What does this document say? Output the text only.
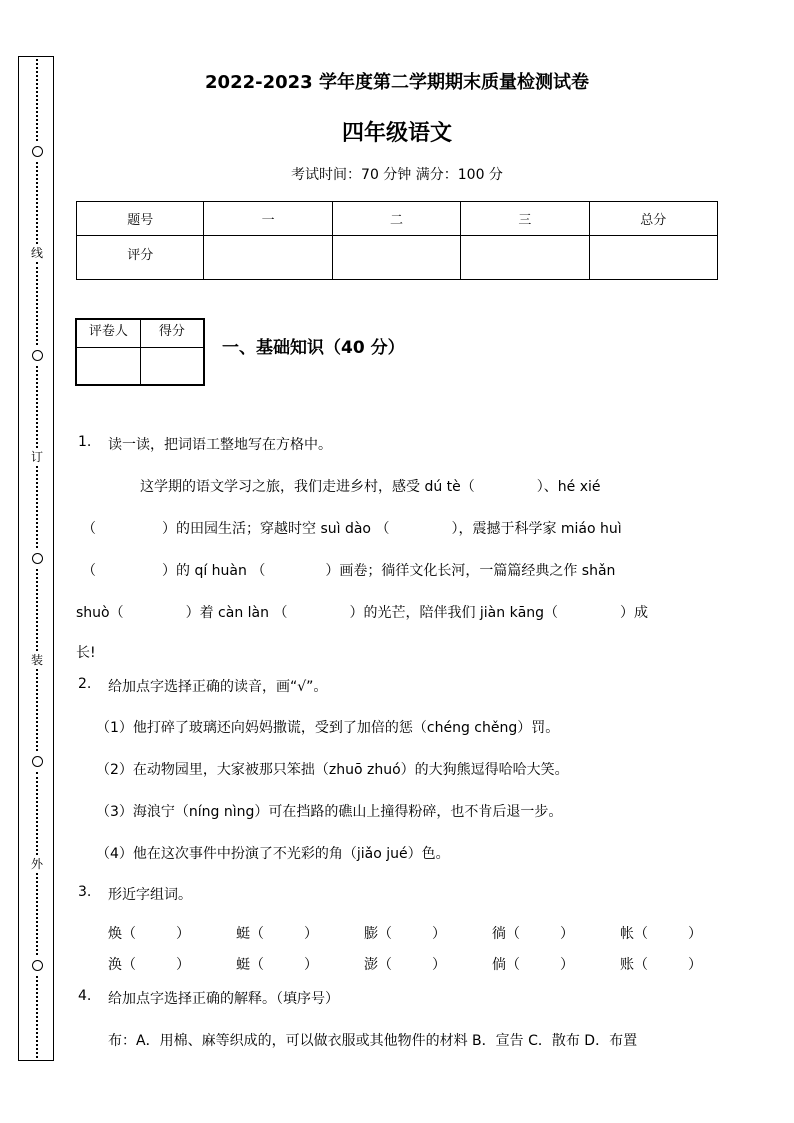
线
订
装
外
2022-2023 学年度第二学期期末质量检测试卷
四年级语文
考试时间：70 分钟 满分：100 分
题号	一	二	三	总分
评分				
评卷人	得分

一、基础知识（40 分）
1. 读一读，把词语工整地写在方格中。
这学期的语文学习之旅，我们走进乡村，感受 dú tè（	）、hé xié
（	）的田园生活；穿越时空 suì dào （	），震撼于科学家 miáo huì
（	）的 qí huàn （	）画卷；徜徉文化长河，一篇篇经典之作 shǎn
shuò（	）着 càn làn （	）的光芒，陪伴我们 jiàn kāng（	）成
长!
2. 给加点字选择正确的读音，画“√”。
（1）他打碎了玻璃还向妈妈撒谎，受到了加倍的惩（chéng chěng）罚。
（2）在动物园里，大家被那只笨拙（zhuō zhuó）的大狗熊逗得哈哈大笑。
（3）海浪宁（níng nìng）可在挡路的礁山上撞得粉碎，也不肯后退一步。
（4）他在这次事件中扮演了不光彩的角（jiǎo jué）色。
3. 形近字组词。
焕（	）	蜓（	）	膨（	）	徜（	）	帐（	）
涣（	）	蜓（	）	澎（	）	倘（	）	账（	）
4. 给加点字选择正确的解释。（填序号）
布：A．用棉、麻等织成的，可以做衣服或其他物件的材料 B．宣告 C．散布 D．布置
